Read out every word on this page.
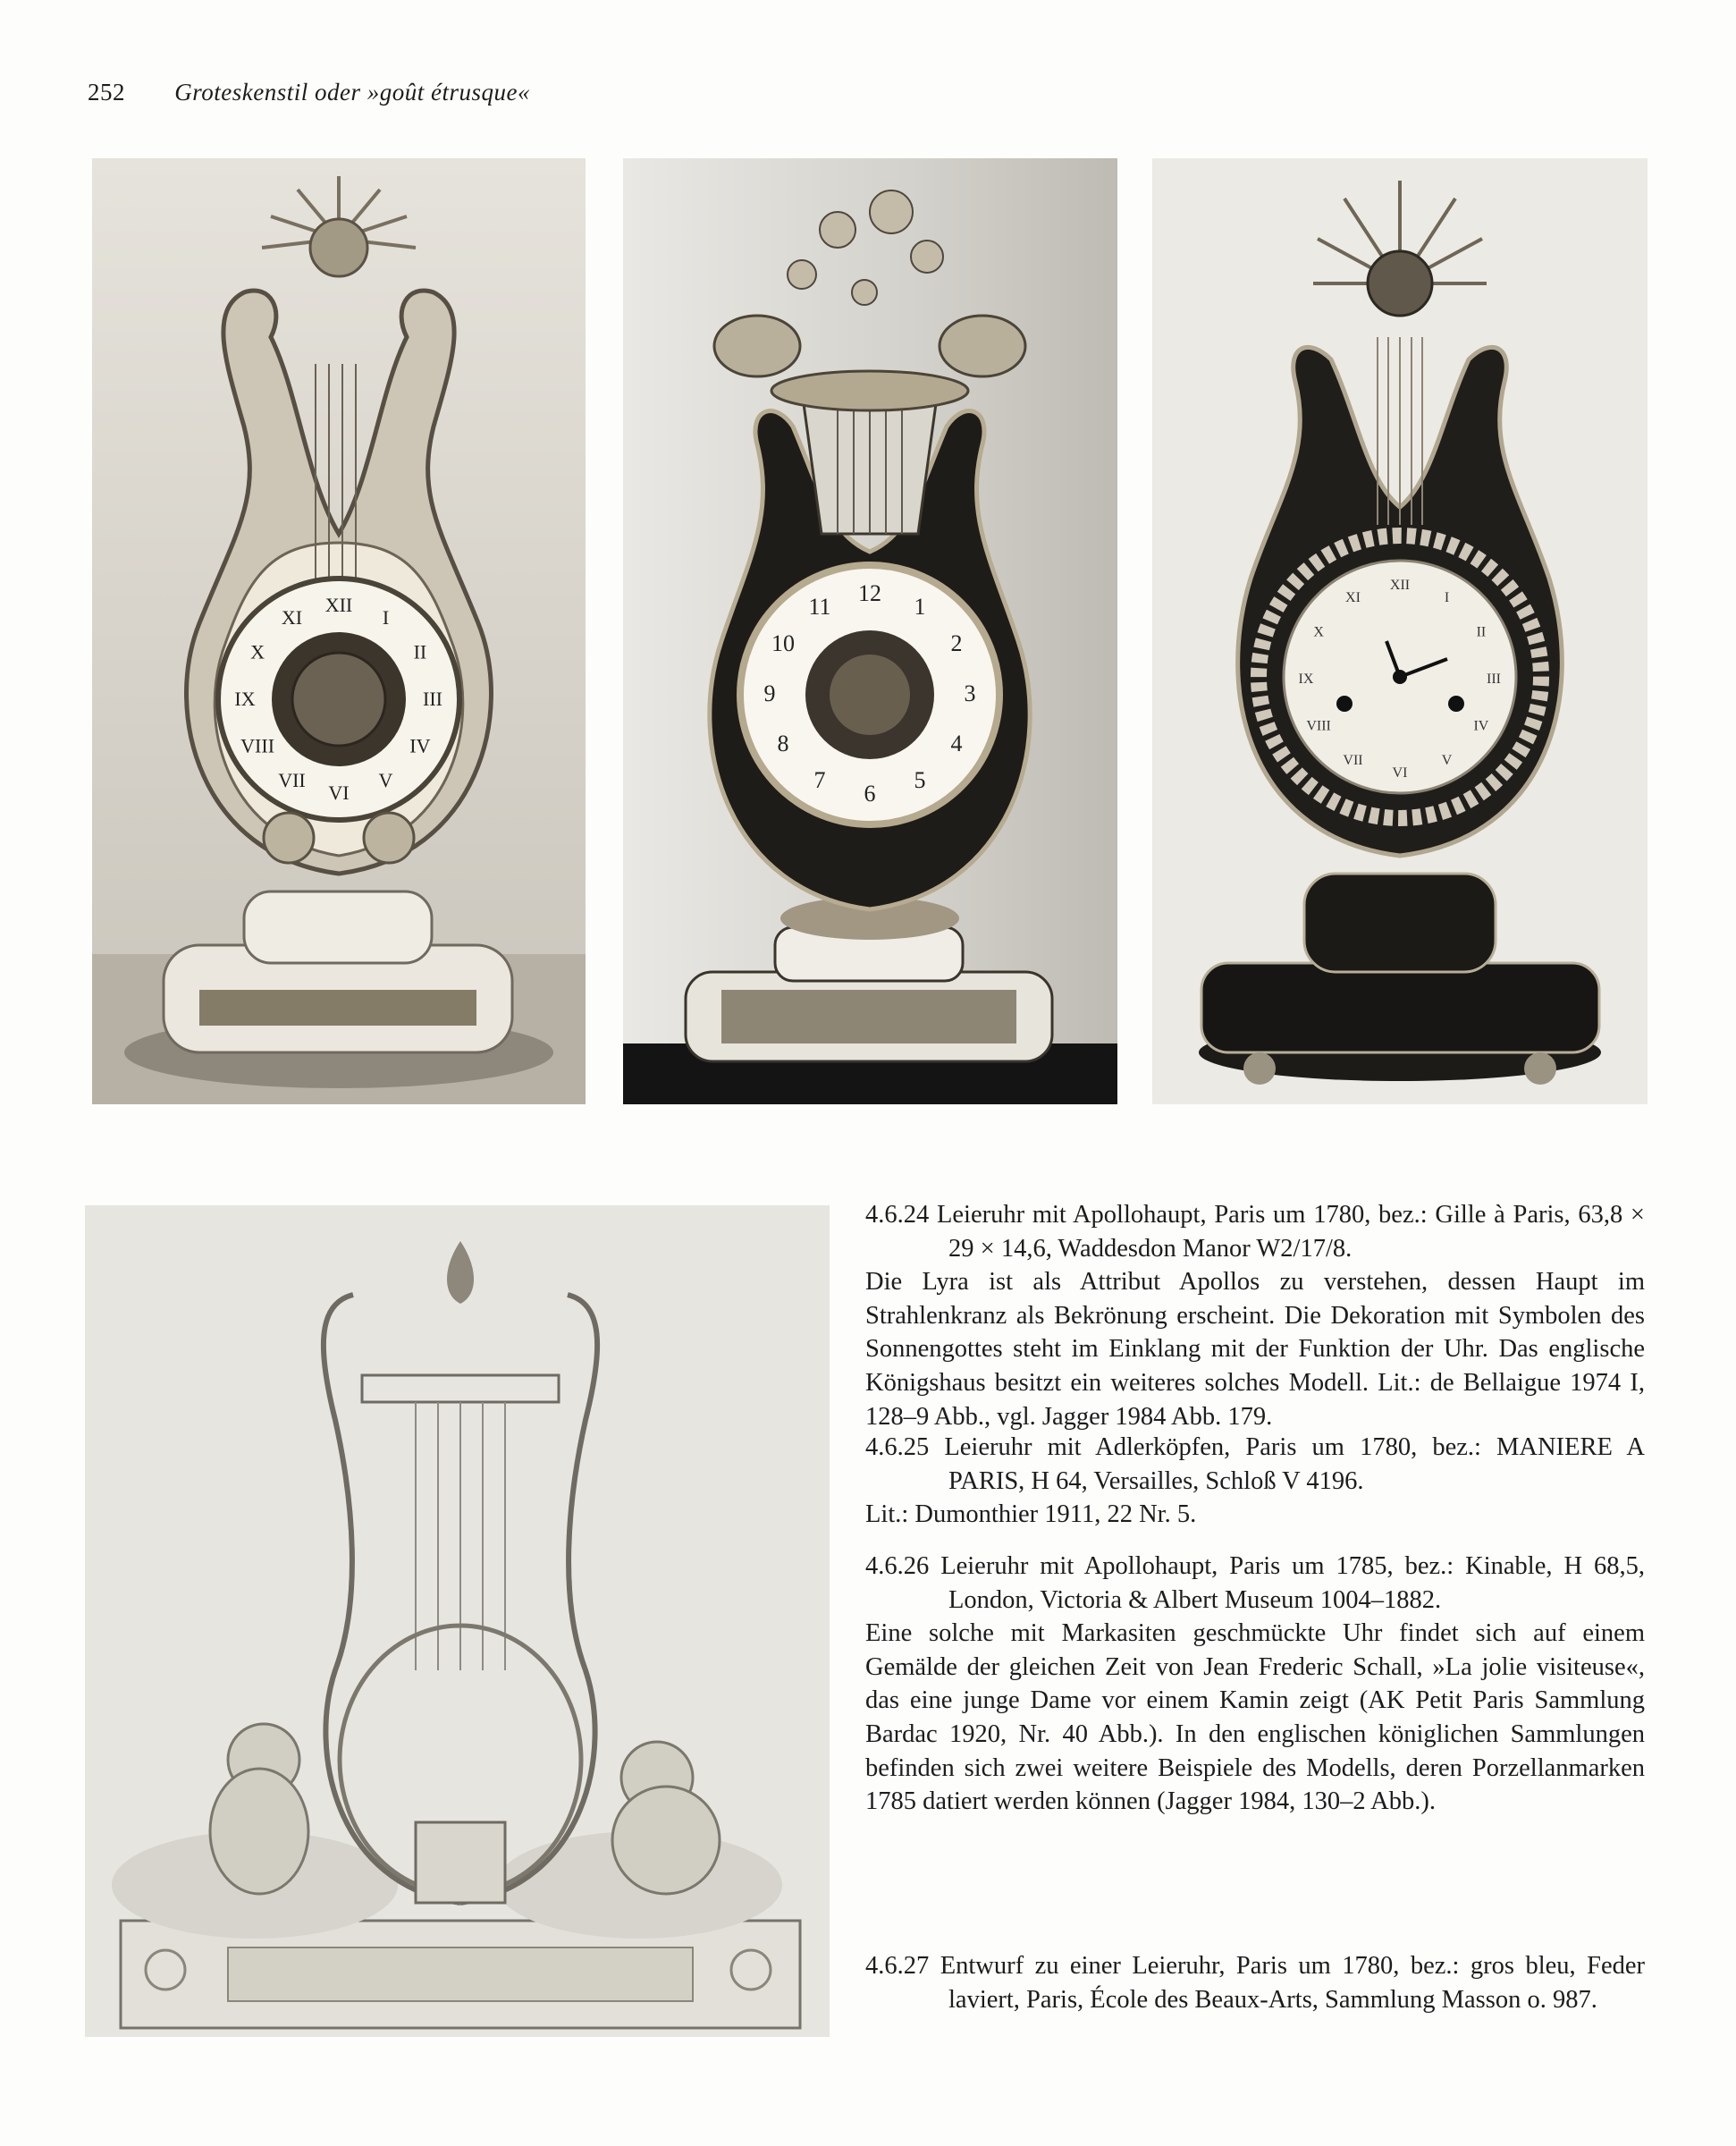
252 Groteskenstil oder »goût étrusque«
XII
I
II
III
IV
V
VI
VII
VIII
IX
X
XI
12
1
2
3
4
5
6
7
8
9
10
11
XII
I
II
III
IV
V
VI
VII
VIII
IX
X
XI

4.6.24 Leieruhr mit Apollohaupt, Paris um 1780, bez.: Gille à Paris, 63,8 × 29 × 14,6, Waddesdon Manor W2/17/8.

Die Lyra ist als Attribut Apollos zu verstehen, dessen Haupt im Strahlenkranz als Bekrönung erscheint. Die Dekoration mit Symbolen des Sonnengottes steht im Einklang mit der Funktion der Uhr. Das englische Königshaus besitzt ein weiteres solches Modell. Lit.: de Bellaigue 1974 I, 128–9 Abb., vgl. Jagger 1984 Abb. 179.

4.6.25 Leieruhr mit Adlerköpfen, Paris um 1780, bez.: MANIERE A PARIS, H 64, Versailles, Schloß V 4196.

Lit.: Dumonthier 1911, 22 Nr. 5.

4.6.26 Leieruhr mit Apollohaupt, Paris um 1785, bez.: Kinable, H 68,5, London, Victoria & Albert Museum 1004–1882.

Eine solche mit Markasiten geschmückte Uhr findet sich auf einem Gemälde der gleichen Zeit von Jean Frederic Schall, »La jolie visiteuse«, das eine junge Dame vor einem Kamin zeigt (AK Petit Paris Sammlung Bardac 1920, Nr. 40 Abb.). In den englischen königlichen Sammlungen befinden sich zwei weitere Beispiele des Modells, deren Porzellanmarken 1785 datiert werden können (Jagger 1984, 130–2 Abb.).

4.6.27 Entwurf zu einer Leieruhr, Paris um 1780, bez.: gros bleu, Feder laviert, Paris, École des Beaux-Arts, Sammlung Masson o. 987.
